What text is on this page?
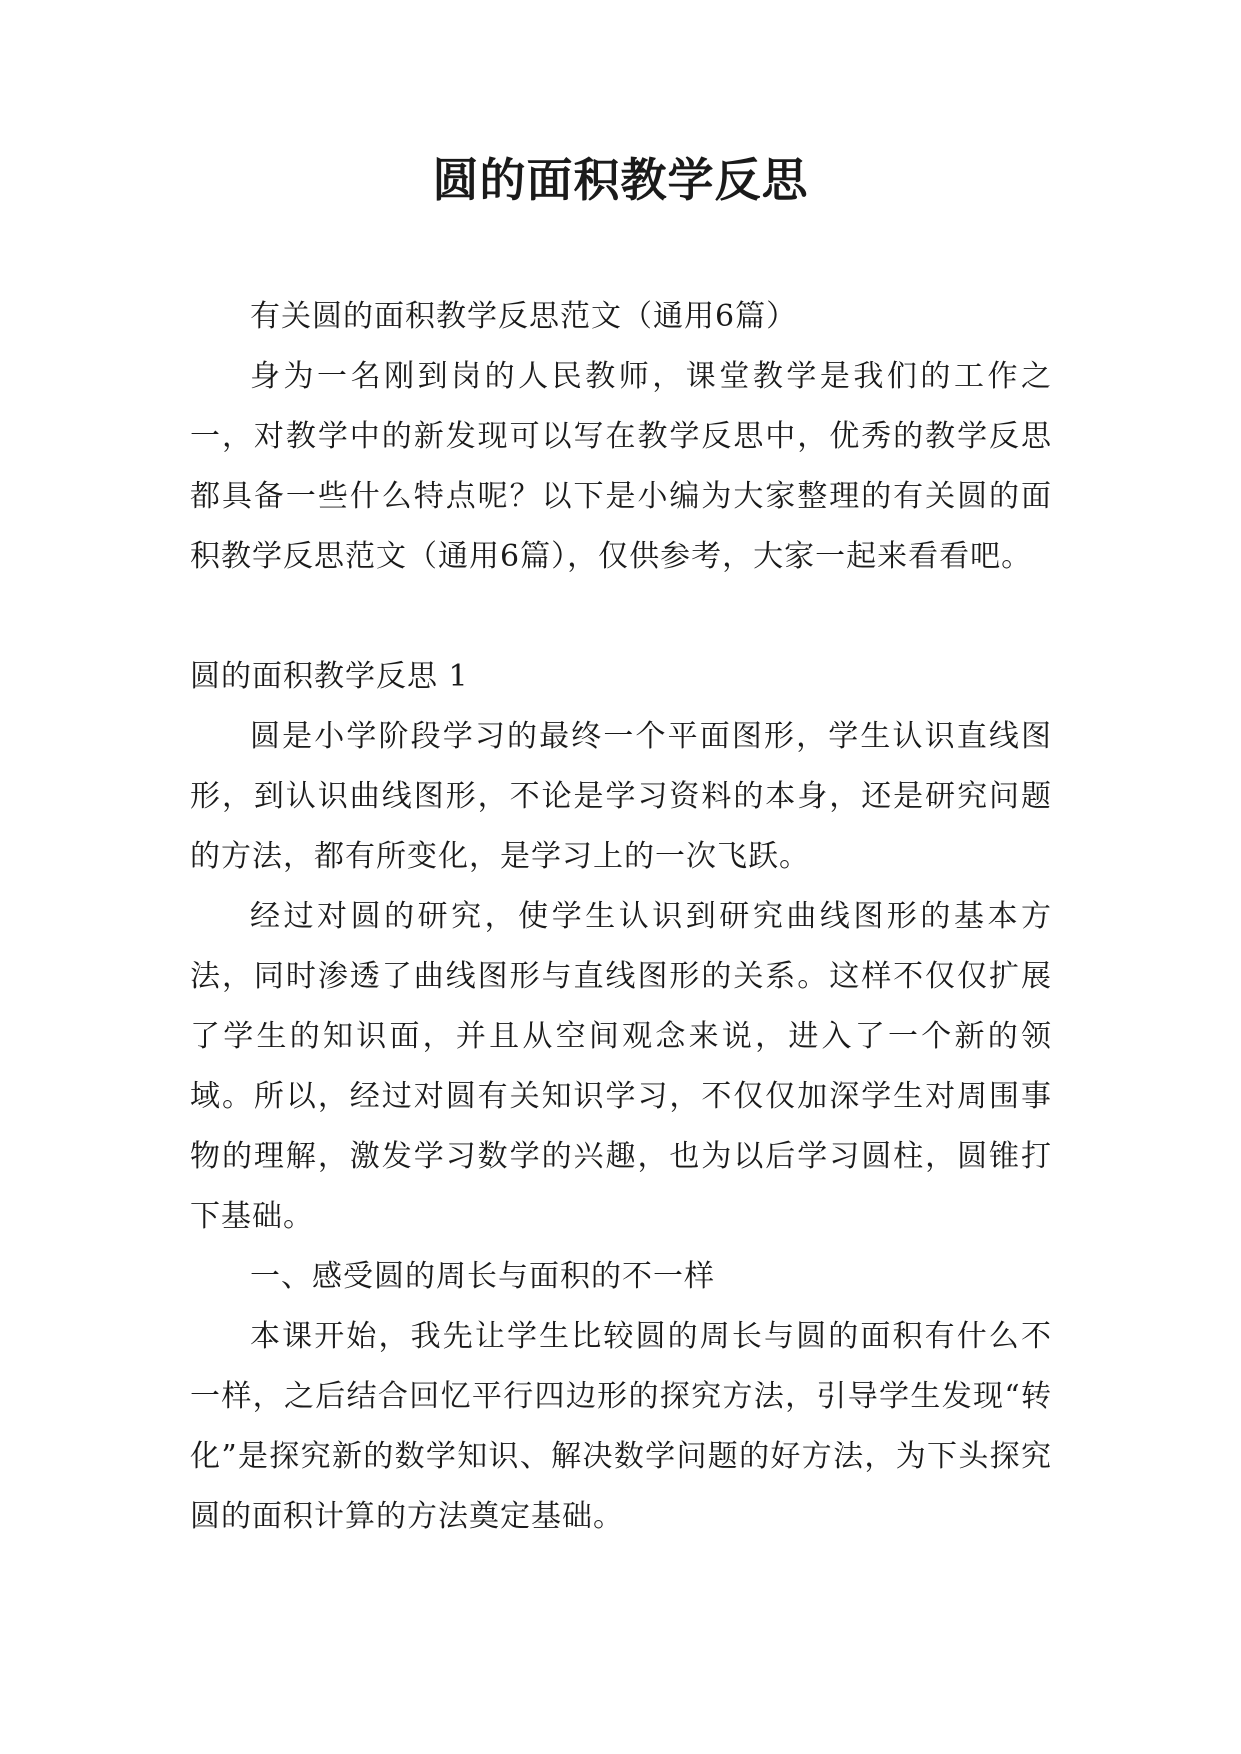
圆的面积教学反思

有关圆的面积教学反思范文（通用6篇）

身为一名刚到岗的人民教师，课堂教学是我们的工作之一，对教学中的新发现可以写在教学反思中，优秀的教学反思都具备一些什么特点呢？以下是小编为大家整理的有关圆的面积教学反思范文（通用6篇），仅供参考，大家一起来看看吧。

圆的面积教学反思 1

圆是小学阶段学习的最终一个平面图形，学生认识直线图形，到认识曲线图形，不论是学习资料的本身，还是研究问题的方法，都有所变化，是学习上的一次飞跃。

经过对圆的研究，使学生认识到研究曲线图形的基本方法，同时渗透了曲线图形与直线图形的关系。这样不仅仅扩展了学生的知识面，并且从空间观念来说，进入了一个新的领域。所以，经过对圆有关知识学习，不仅仅加深学生对周围事物的理解，激发学习数学的兴趣，也为以后学习圆柱，圆锥打下基础。

一、感受圆的周长与面积的不一样

本课开始，我先让学生比较圆的周长与圆的面积有什么不一样，之后结合回忆平行四边形的探究方法，引导学生发现“转化”是探究新的数学知识、解决数学问题的好方法，为下头探究圆的面积计算的方法奠定基础。
